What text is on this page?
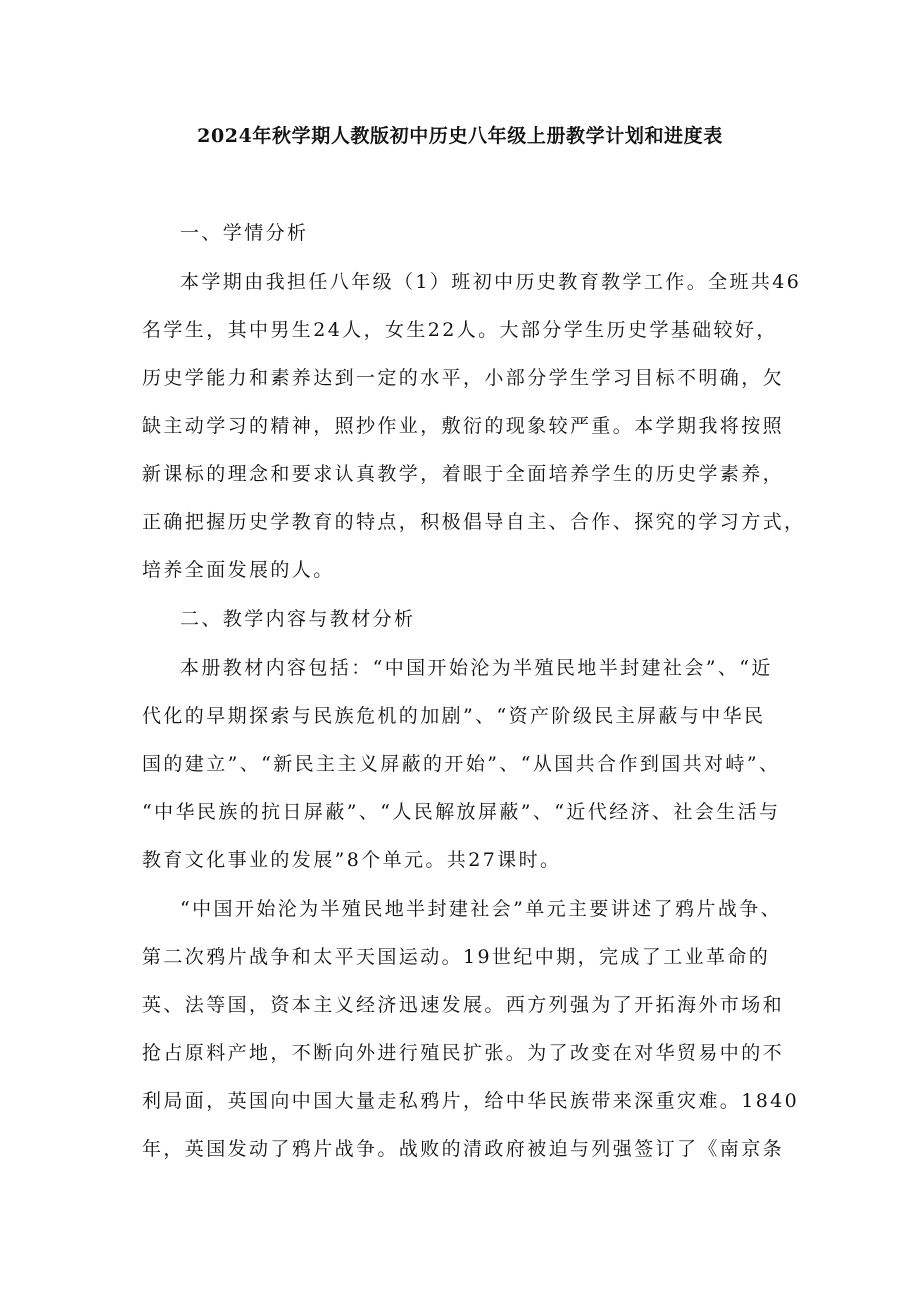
2024年秋学期人教版初中历史八年级上册教学计划和进度表
一、学情分析
本学期由我担任八年级（1）班初中历史教育教学工作。全班共46
名学生，其中男生24人，女生22人。大部分学生历史学基础较好，
历史学能力和素养达到一定的水平，小部分学生学习目标不明确，欠
缺主动学习的精神，照抄作业，敷衍的现象较严重。本学期我将按照
新课标的理念和要求认真教学，着眼于全面培养学生的历史学素养，
正确把握历史学教育的特点，积极倡导自主、合作、探究的学习方式，
培养全面发展的人。
二、教学内容与教材分析
本册教材内容包括：“中国开始沦为半殖民地半封建社会”、“近
代化的早期探索与民族危机的加剧”、“资产阶级民主屏蔽与中华民
国的建立”、“新民主主义屏蔽的开始”、“从国共合作到国共对峙”、
“中华民族的抗日屏蔽”、“人民解放屏蔽”、“近代经济、社会生活与
教育文化事业的发展”8个单元。共27课时。
“中国开始沦为半殖民地半封建社会”单元主要讲述了鸦片战争、
第二次鸦片战争和太平天国运动。19世纪中期，完成了工业革命的
英、法等国，资本主义经济迅速发展。西方列强为了开拓海外市场和
抢占原料产地，不断向外进行殖民扩张。为了改变在对华贸易中的不
利局面，英国向中国大量走私鸦片，给中华民族带来深重灾难。1840
年，英国发动了鸦片战争。战败的清政府被迫与列强签订了《南京条
